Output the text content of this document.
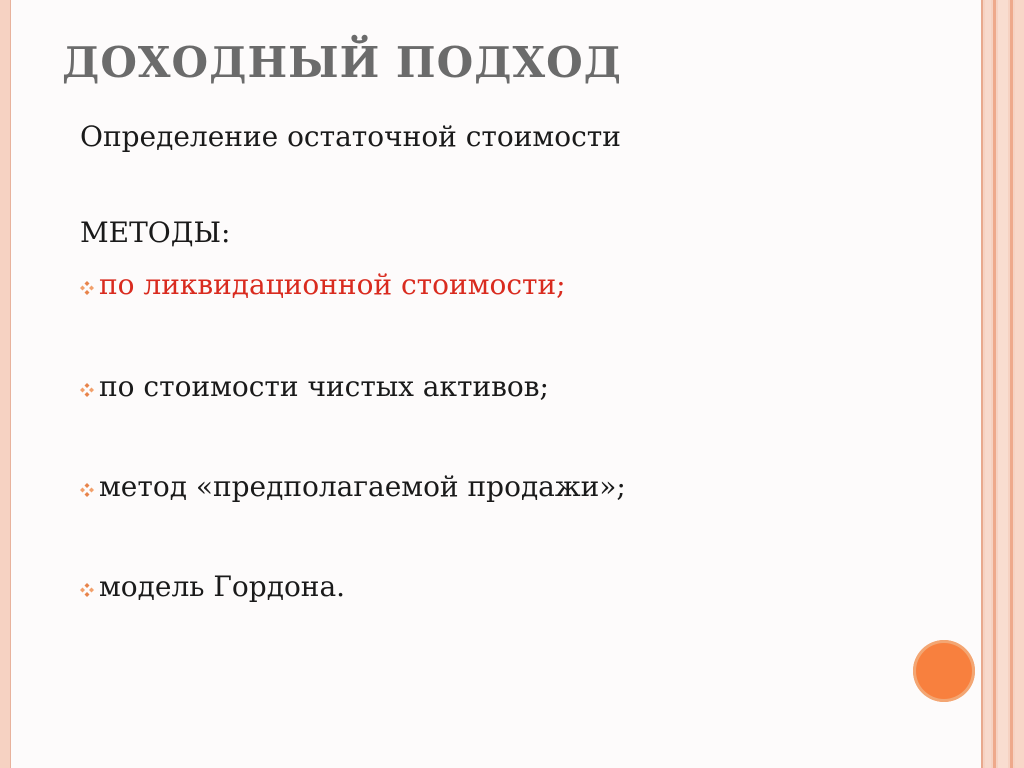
ДОХОДНЫЙ ПОДХОД

Определение остаточной стоимости

МЕТОДЫ:

по ликвидационной стоимости;
по стоимости чистых активов;
метод «предполагаемой продажи»;
модель Гордона.
